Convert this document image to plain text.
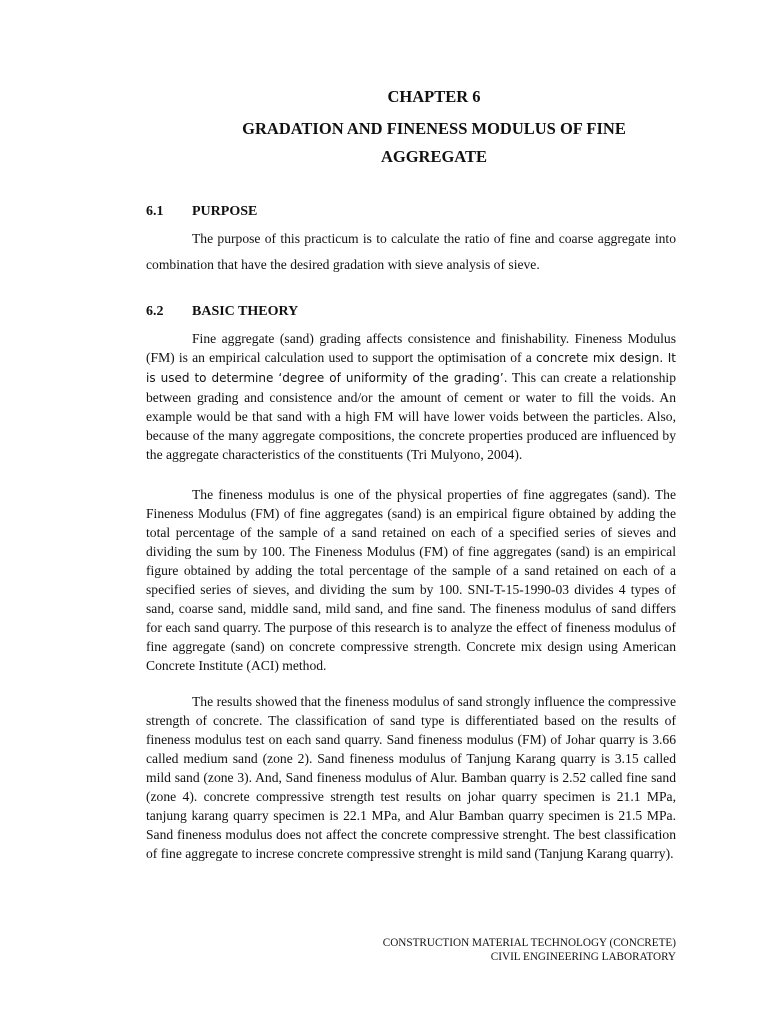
CHAPTER 6
GRADATION AND FINENESS MODULUS OF FINE
AGGREGATE
6.1 PURPOSE

The purpose of this practicum is to calculate the ratio of fine and coarse aggregate into combination that have the desired gradation with sieve analysis of sieve.

6.2 BASIC THEORY

Fine aggregate (sand) grading affects consistence and finishability. Fineness Modulus (FM) is an empirical calculation used to support the optimisation of a concrete mix design. It is used to determine ‘degree of uniformity of the grading’. This can create a relationship between grading and consistence and/or the amount of cement or water to fill the voids. An example would be that sand with a high FM will have lower voids between the particles. Also, because of the many aggregate compositions, the concrete properties produced are influenced by the aggregate characteristics of the constituents (Tri Mulyono, 2004).

The fineness modulus is one of the physical properties of fine aggregates (sand). The Fineness Modulus (FM) of fine aggregates (sand) is an empirical figure obtained by adding the total percentage of the sample of a sand retained on each of a specified series of sieves and dividing the sum by 100. The Fineness Modulus (FM) of fine aggregates (sand) is an empirical figure obtained by adding the total percentage of the sample of a sand retained on each of a specified series of sieves, and dividing the sum by 100. SNI-T-15-1990-03 divides 4 types of sand, coarse sand, middle sand, mild sand, and fine sand. The fineness modulus of sand differs for each sand quarry. The purpose of this research is to analyze the effect of fineness modulus of fine aggregate (sand) on concrete compressive strength. Concrete mix design using American Concrete Institute (ACI) method.

The results showed that the fineness modulus of sand strongly influence the compressive strength of concrete. The classification of sand type is differentiated based on the results of fineness modulus test on each sand quarry. Sand fineness modulus (FM) of Johar quarry is 3.66 called medium sand (zone 2). Sand fineness modulus of Tanjung Karang quarry is 3.15 called mild sand (zone 3). And, Sand fineness modulus of Alur. Bamban quarry is 2.52 called fine sand (zone 4). concrete compressive strength test results on johar quarry specimen is 21.1 MPa, tanjung karang quarry specimen is 22.1 MPa, and Alur Bamban quarry specimen is 21.5 MPa. Sand fineness modulus does not affect the concrete compressive strenght. The best classification of fine aggregate to increse concrete compressive strenght is mild sand (Tanjung Karang quarry).

CONSTRUCTION MATERIAL TECHNOLOGY (CONCRETE)
CIVIL ENGINEERING LABORATORY
